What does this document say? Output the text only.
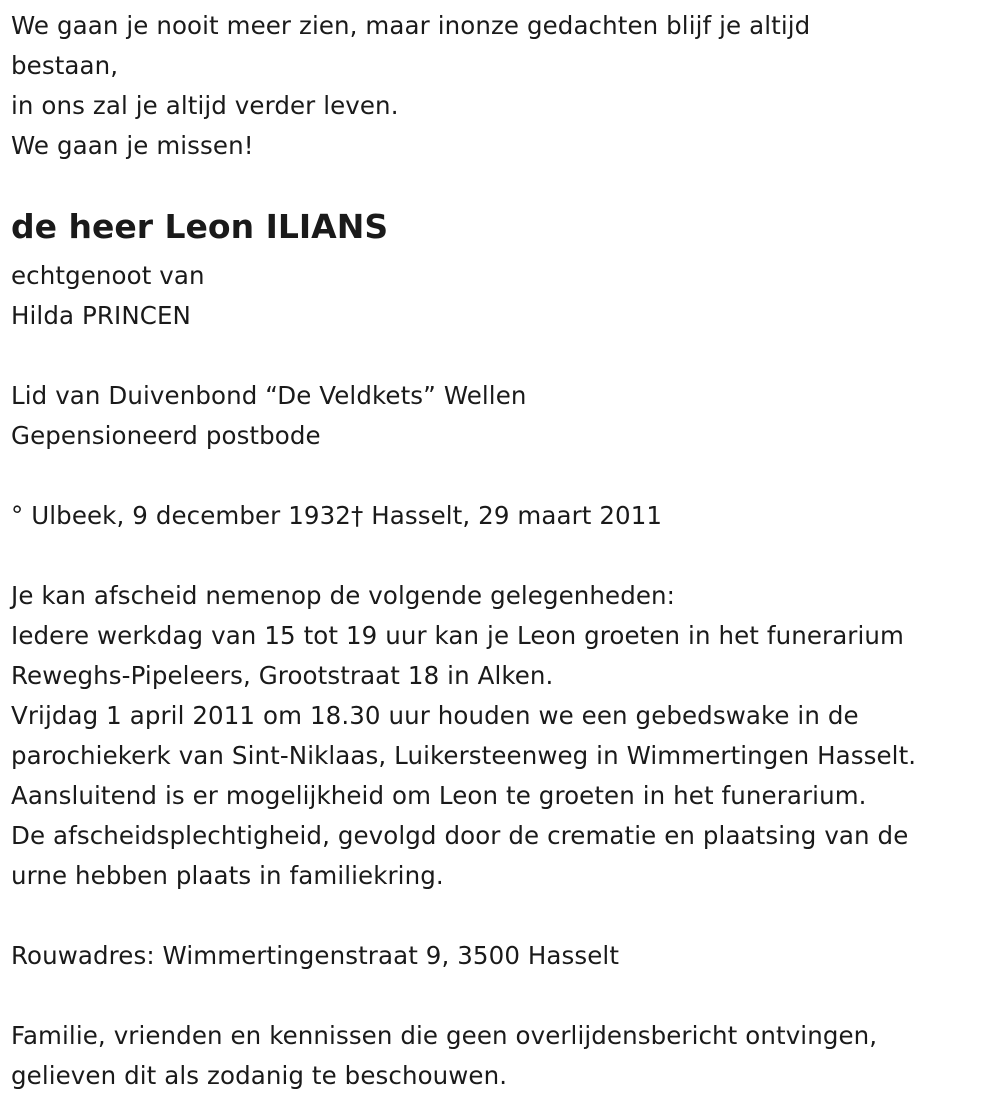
We gaan je nooit meer zien, maar inonze gedachten blijf je altijd
bestaan,
in ons zal je altijd verder leven.
We gaan je missen!
de heer Leon ILIANS
echtgenoot van
Hilda PRINCEN
Lid van Duivenbond “De Veldkets” Wellen
Gepensioneerd postbode
° Ulbeek, 9 december 1932† Hasselt, 29 maart 2011
Je kan afscheid nemenop de volgende gelegenheden:
Iedere werkdag van 15 tot 19 uur kan je Leon groeten in het funerarium
Reweghs-Pipeleers, Grootstraat 18 in Alken.
Vrijdag 1 april 2011 om 18.30 uur houden we een gebedswake in de
parochiekerk van Sint-Niklaas, Luikersteenweg in Wimmertingen Hasselt.
Aansluitend is er mogelijkheid om Leon te groeten in het funerarium.
De afscheidsplechtigheid, gevolgd door de crematie en plaatsing van de
urne hebben plaats in familiekring.
Rouwadres: Wimmertingenstraat 9, 3500 Hasselt
Familie, vrienden en kennissen die geen overlijdensbericht ontvingen,
gelieven dit als zodanig te beschouwen.
